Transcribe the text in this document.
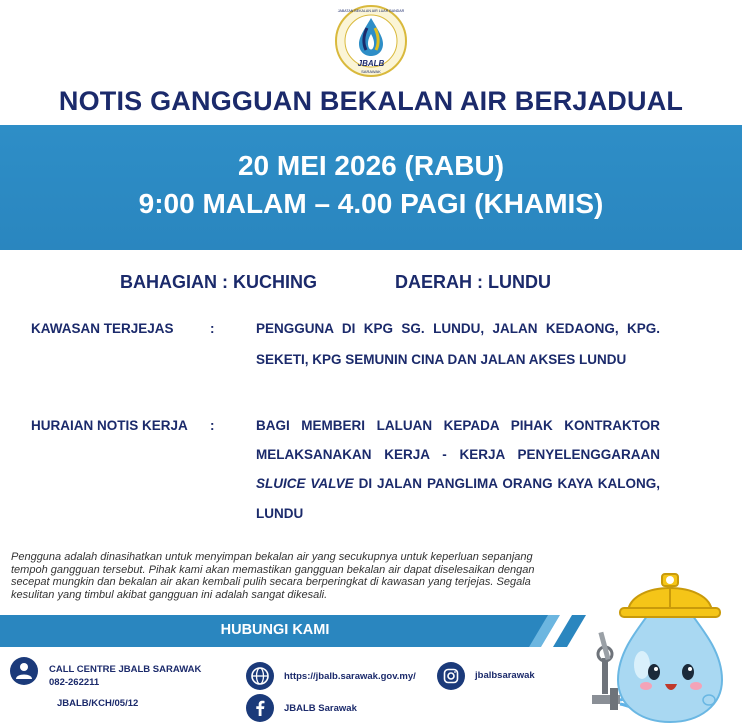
JBALB
SARAWAK
JABATAN BEKALAN AIR LUAR BANDAR
NOTIS GANGGUAN BEKALAN AIR BERJADUAL
20 MEI 2026 (RABU)
9:00 MALAM – 4.00 PAGI (KHAMIS)
BAHAGIAN : KUCHING	DAERAH : LUNDU
KAWASAN TERJEJAS	:	PENGGUNA DI KPG SG. LUNDU, JALAN KEDAONG, KPG.
SEKETI, KPG SEMUNIN CINA DAN JALAN AKSES LUNDU
HURAIAN NOTIS KERJA :	BAGI MEMBERI LALUAN KEPADA PIHAK KONTRAKTOR
MELAKSANAKAN KERJA - KERJA PENYELENGGARAAN
SLUICE VALVE DI JALAN PANGLIMA ORANG KAYA KALONG,
LUNDU
Pengguna adalah dinasihatkan untuk menyimpan bekalan air yang secukupnya untuk keperluan sepanjang tempoh gangguan tersebut. Pihak kami akan memastikan gangguan bekalan air dapat diselesaikan dengan secepat mungkin dan bekalan air akan kembali pulih secara berperingkat di kawasan yang terjejas. Segala kesulitan yang timbul akibat gangguan ini adalah sangat dikesali.
HUBUNGI KAMI
CALL CENTRE JBALB SARAWAK
082-262211
JBALB/KCH/05/12
https://jbalb.sarawak.gov.my/	jbalbsarawak
JBALB Sarawak
